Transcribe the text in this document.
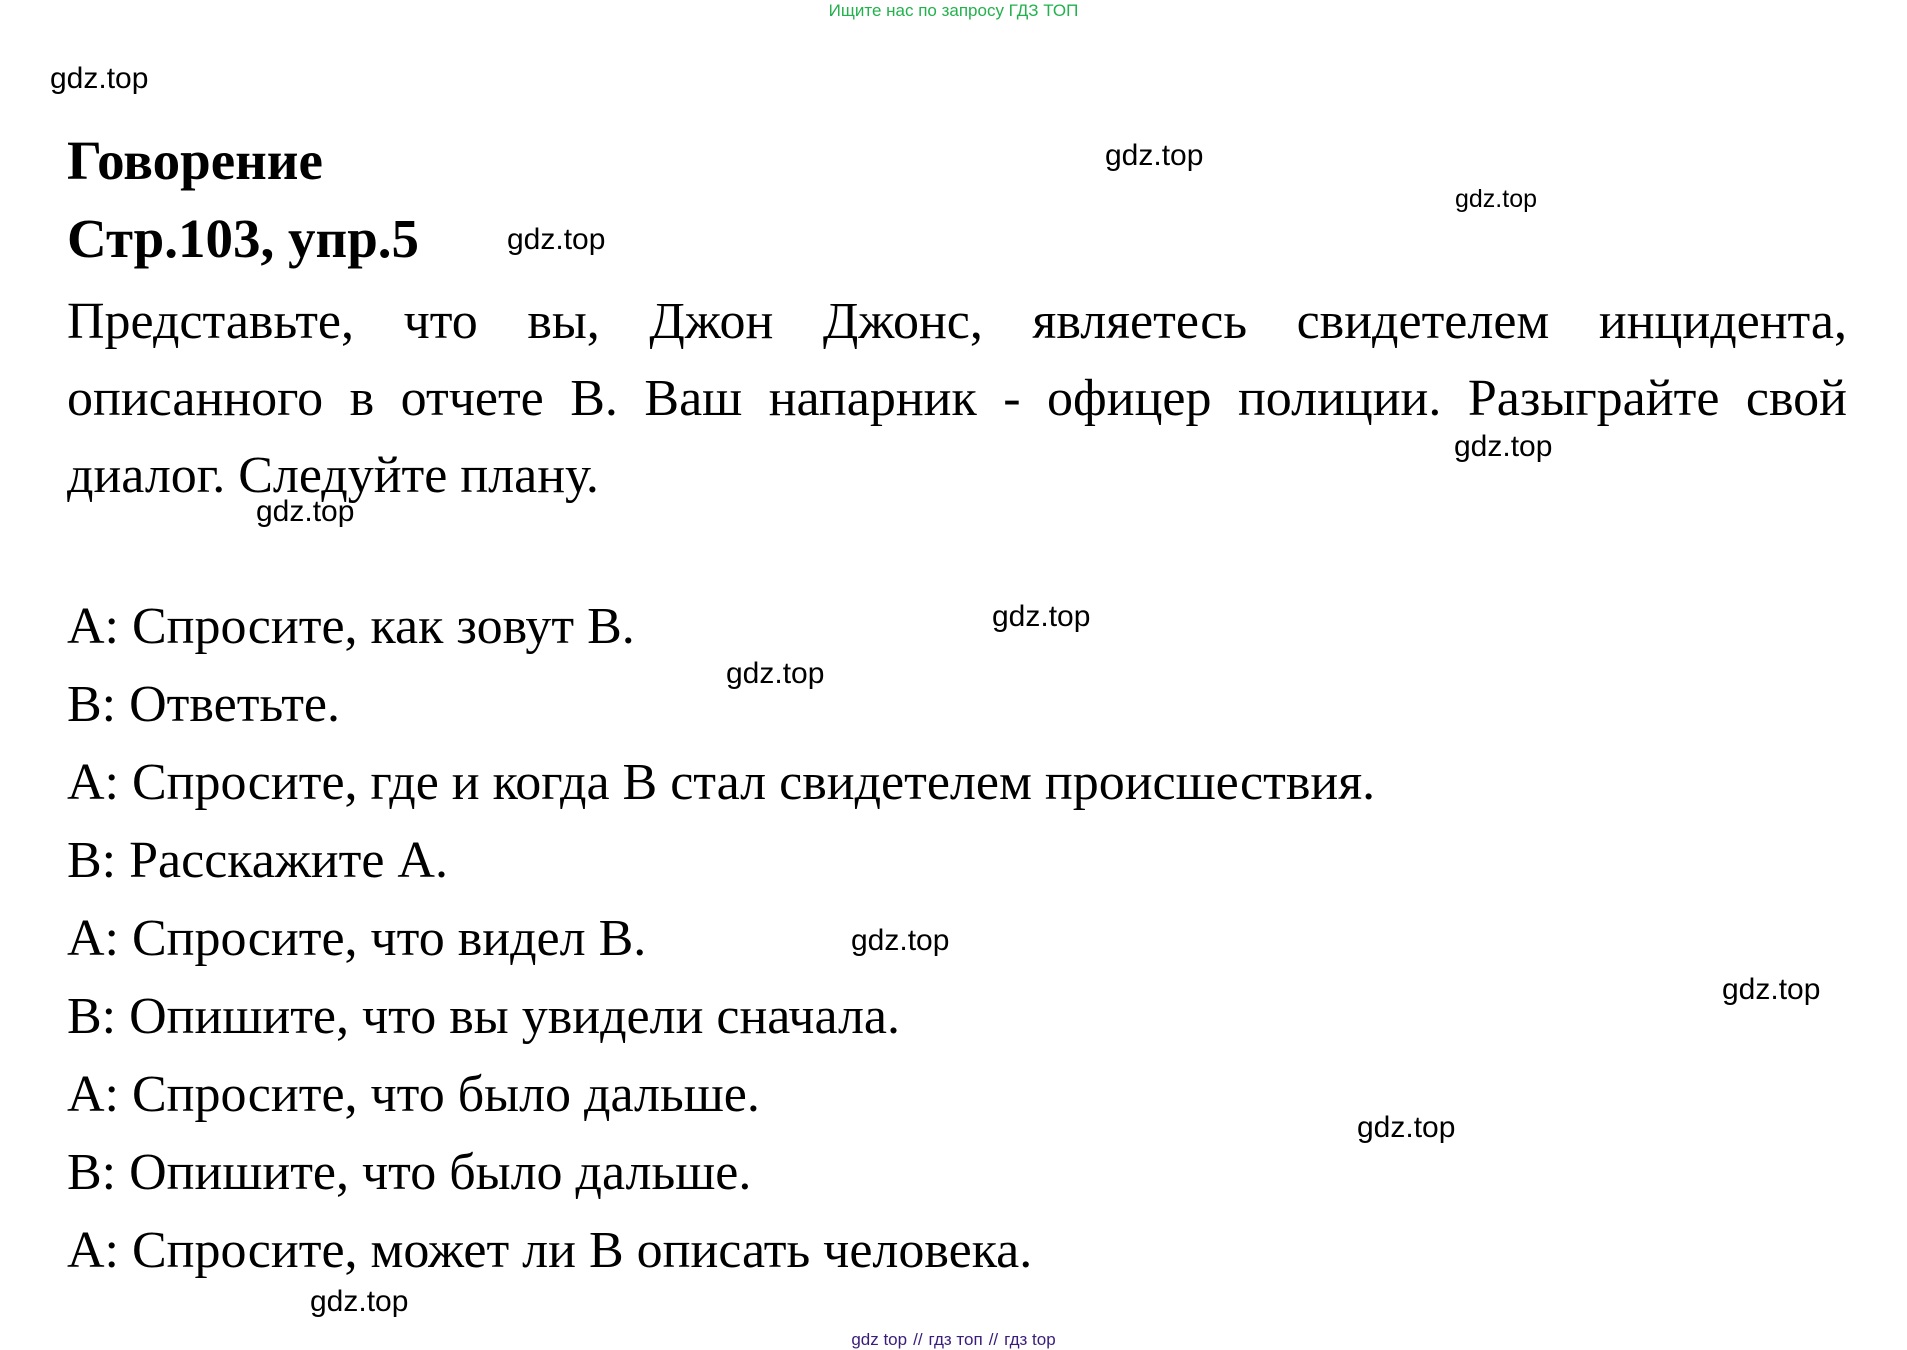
Ищите нас по запросу ГДЗ ТОП
Говорение
Стр.103, упр.5
Представьте, что вы, Джон Джонс, являетесь свидетелем инцидента, описанного в отчете В. Ваш напарник - офицер полиции. Разыграйте свой диалог. Следуйте плану.
А: Спросите, как зовут В.
В: Ответьте.
А: Спросите, где и когда В стал свидетелем происшествия.
В: Расскажите А.
А: Спросите, что видел В.
В: Опишите, что вы увидели сначала.
А: Спросите, что было дальше.
В: Опишите, что было дальше.
А: Спросите, может ли В описать человека.
gdz.top
gdz.top
gdz.top
gdz.top
gdz.top
gdz.top
gdz.top
gdz.top
gdz.top
gdz.top
gdz.top
gdz.top
gdz top // гдз топ // гдз top
